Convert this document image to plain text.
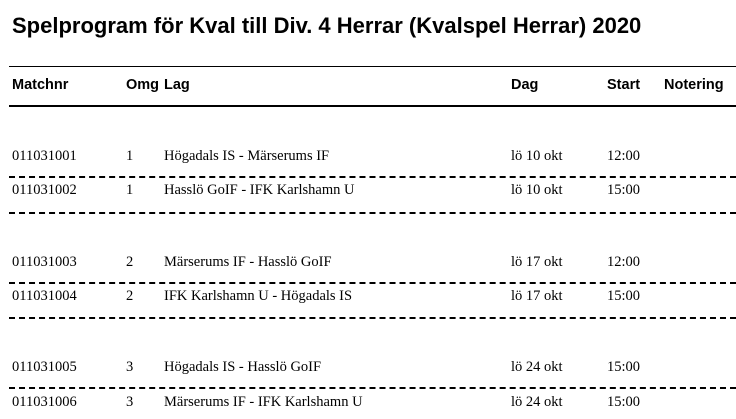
Spelprogram för Kval till Div. 4 Herrar (Kvalspel Herrar) 2020
Matchnr	Omg Lag	Dag	Start Notering
011031001	1 Högadals IS - Märserums IF	lö 10 okt	12:00
011031002	1 Hasslö GoIF - IFK Karlshamn U	lö 10 okt	15:00
011031003	2 Märserums IF - Hasslö GoIF	lö 17 okt	12:00
011031004	2 IFK Karlshamn U - Högadals IS	lö 17 okt	15:00
011031005	3 Högadals IS - Hasslö GoIF	lö 24 okt	15:00
011031006	3 Märserums IF - IFK Karlshamn U	lö 24 okt	15:00
